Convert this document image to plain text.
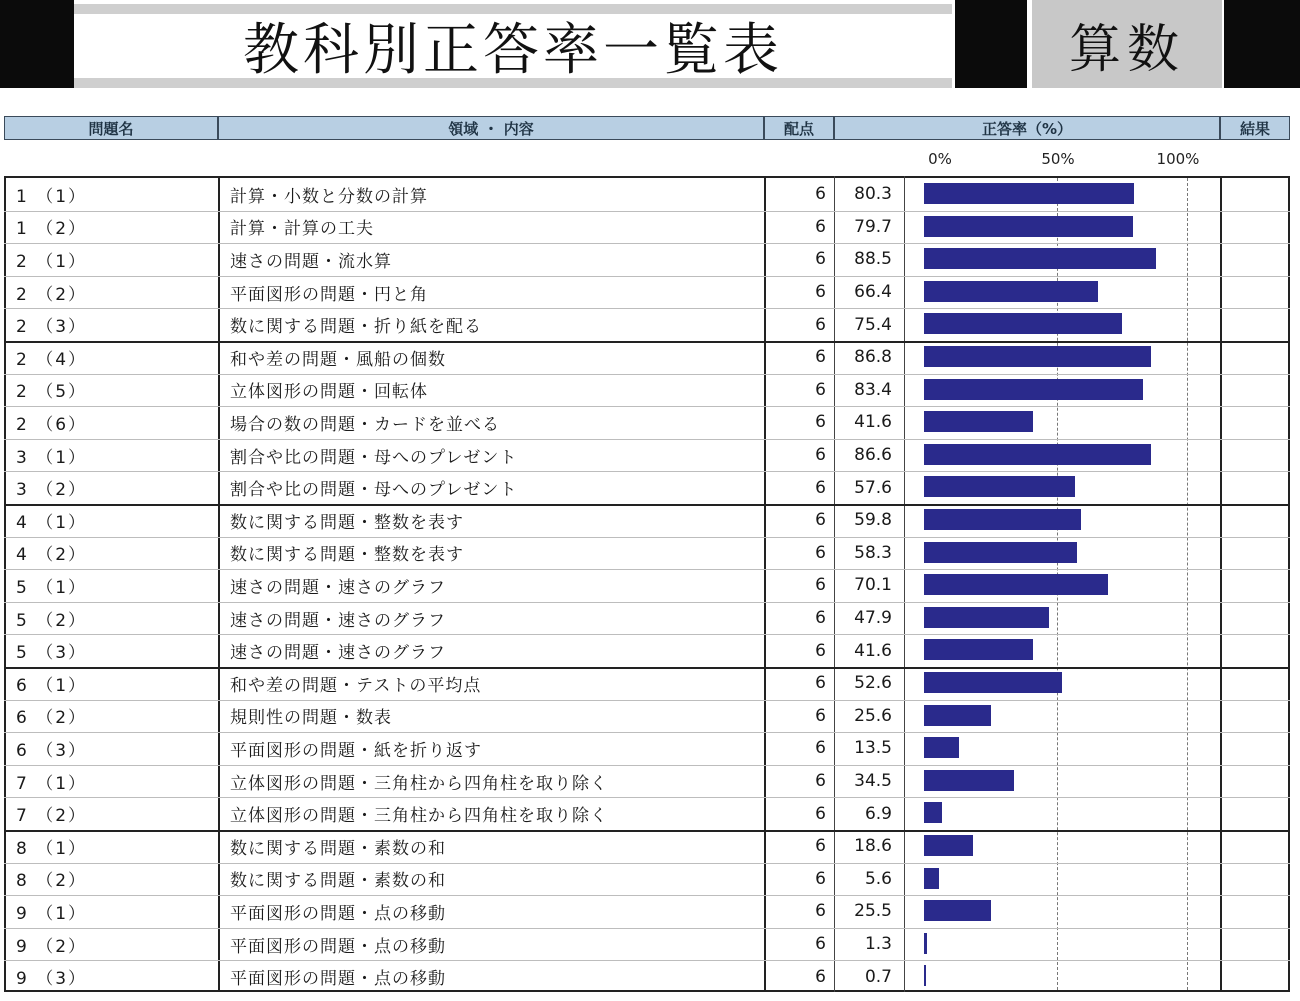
教科別正答率一覧表	算数
問題名	領域 ・ 内容	配点	正答率（%）	結果
0%	50%	100%
1 （1）	計算・小数と分数の計算	6	80.3
1 （2）	計算・計算の工夫	6	79.7
2 （1）	速さの問題・流水算	6	88.5
2 （2）	平面図形の問題・円と角	6	66.4
2 （3）	数に関する問題・折り紙を配る	6	75.4
2 （4）	和や差の問題・風船の個数	6	86.8
2 （5）	立体図形の問題・回転体	6	83.4
2 （6）	場合の数の問題・カードを並べる	6	41.6
3 （1）	割合や比の問題・母へのプレゼント	6	86.6
3 （2）	割合や比の問題・母へのプレゼント	6	57.6
4 （1）	数に関する問題・整数を表す	6	59.8
4 （2）	数に関する問題・整数を表す	6	58.3
5 （1）	速さの問題・速さのグラフ	6	70.1
5 （2）	速さの問題・速さのグラフ	6	47.9
5 （3）	速さの問題・速さのグラフ	6	41.6
6 （1）	和や差の問題・テストの平均点	6	52.6
6 （2）	規則性の問題・数表	6	25.6
6 （3）	平面図形の問題・紙を折り返す	6	13.5
7 （1）	立体図形の問題・三角柱から四角柱を取り除く	6	34.5
7 （2）	立体図形の問題・三角柱から四角柱を取り除く	6	6.9
8 （1）	数に関する問題・素数の和	6	18.6
8 （2）	数に関する問題・素数の和	6	5.6
9 （1）	平面図形の問題・点の移動	6	25.5
9 （2）	平面図形の問題・点の移動	6	1.3
9 （3）	平面図形の問題・点の移動	6	0.7
